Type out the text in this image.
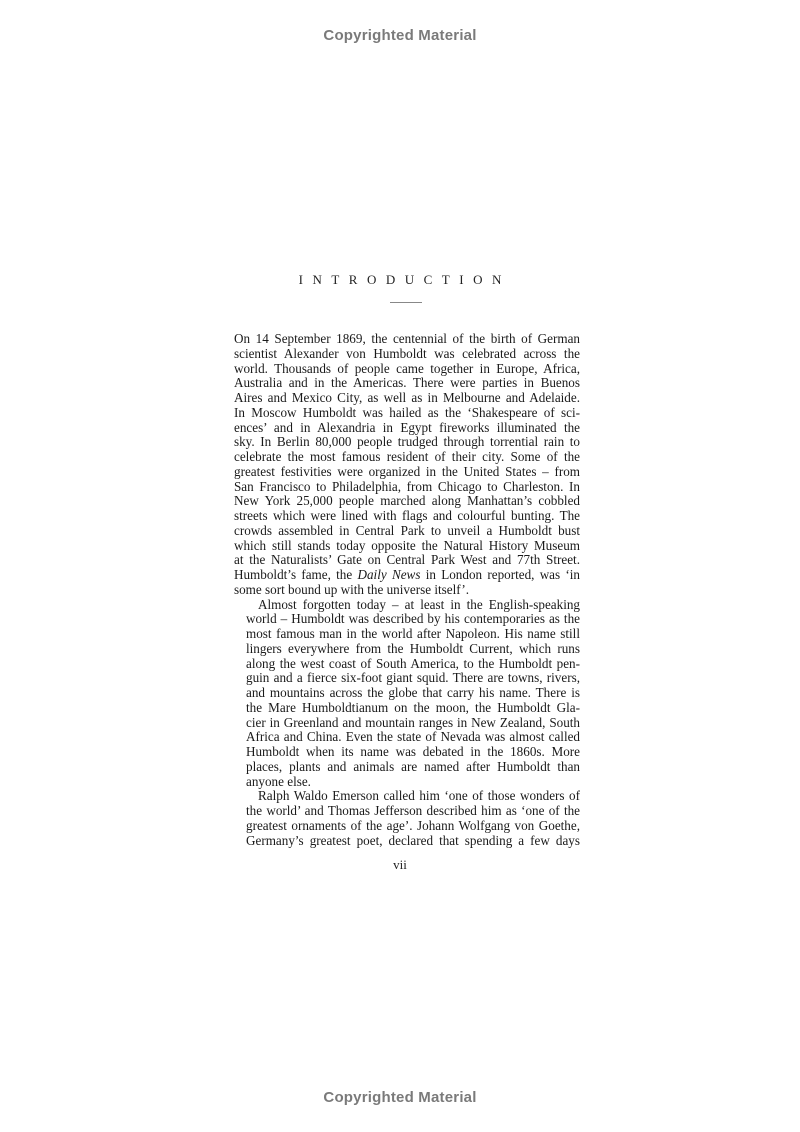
Copyrighted Material
INTRODUCTION

On 14 September 1869, the centennial of the birth of German
scientist Alexander von Humboldt was celebrated across the
world. Thousands of people came together in Europe, Africa,
Australia and in the Americas. There were parties in Buenos
Aires and Mexico City, as well as in Melbourne and Adelaide.
In Moscow Humboldt was hailed as the ‘Shakespeare of sci-
ences’ and in Alexandria in Egypt fireworks illuminated the
sky. In Berlin 80,000 people trudged through torrential rain to
celebrate the most famous resident of their city. Some of the
greatest festivities were organized in the United States – from
San Francisco to Philadelphia, from Chicago to Charleston. In
New York 25,000 people marched along Manhattan’s cobbled
streets which were lined with flags and colourful bunting. The
crowds assembled in Central Park to unveil a Humboldt bust
which still stands today opposite the Natural History Museum
at the Naturalists’ Gate on Central Park West and 77th Street.
Humboldt’s fame, the Daily News in London reported, was ‘in
some sort bound up with the universe itself’.

Almost forgotten today – at least in the English-speaking
world – Humboldt was described by his contemporaries as the
most famous man in the world after Napoleon. His name still
lingers everywhere from the Humboldt Current, which runs
along the west coast of South America, to the Humboldt pen-
guin and a fierce six-foot giant squid. There are towns, rivers,
and mountains across the globe that carry his name. There is
the Mare Humboldtianum on the moon, the Humboldt Gla-
cier in Greenland and mountain ranges in New Zealand, South
Africa and China. Even the state of Nevada was almost called
Humboldt when its name was debated in the 1860s. More
places, plants and animals are named after Humboldt than
anyone else.

Ralph Waldo Emerson called him ‘one of those wonders of
the world’ and Thomas Jefferson described him as ‘one of the
greatest ornaments of the age’. Johann Wolfgang von Goethe,
Germany’s greatest poet, declared that spending a few days

vii
Copyrighted Material
